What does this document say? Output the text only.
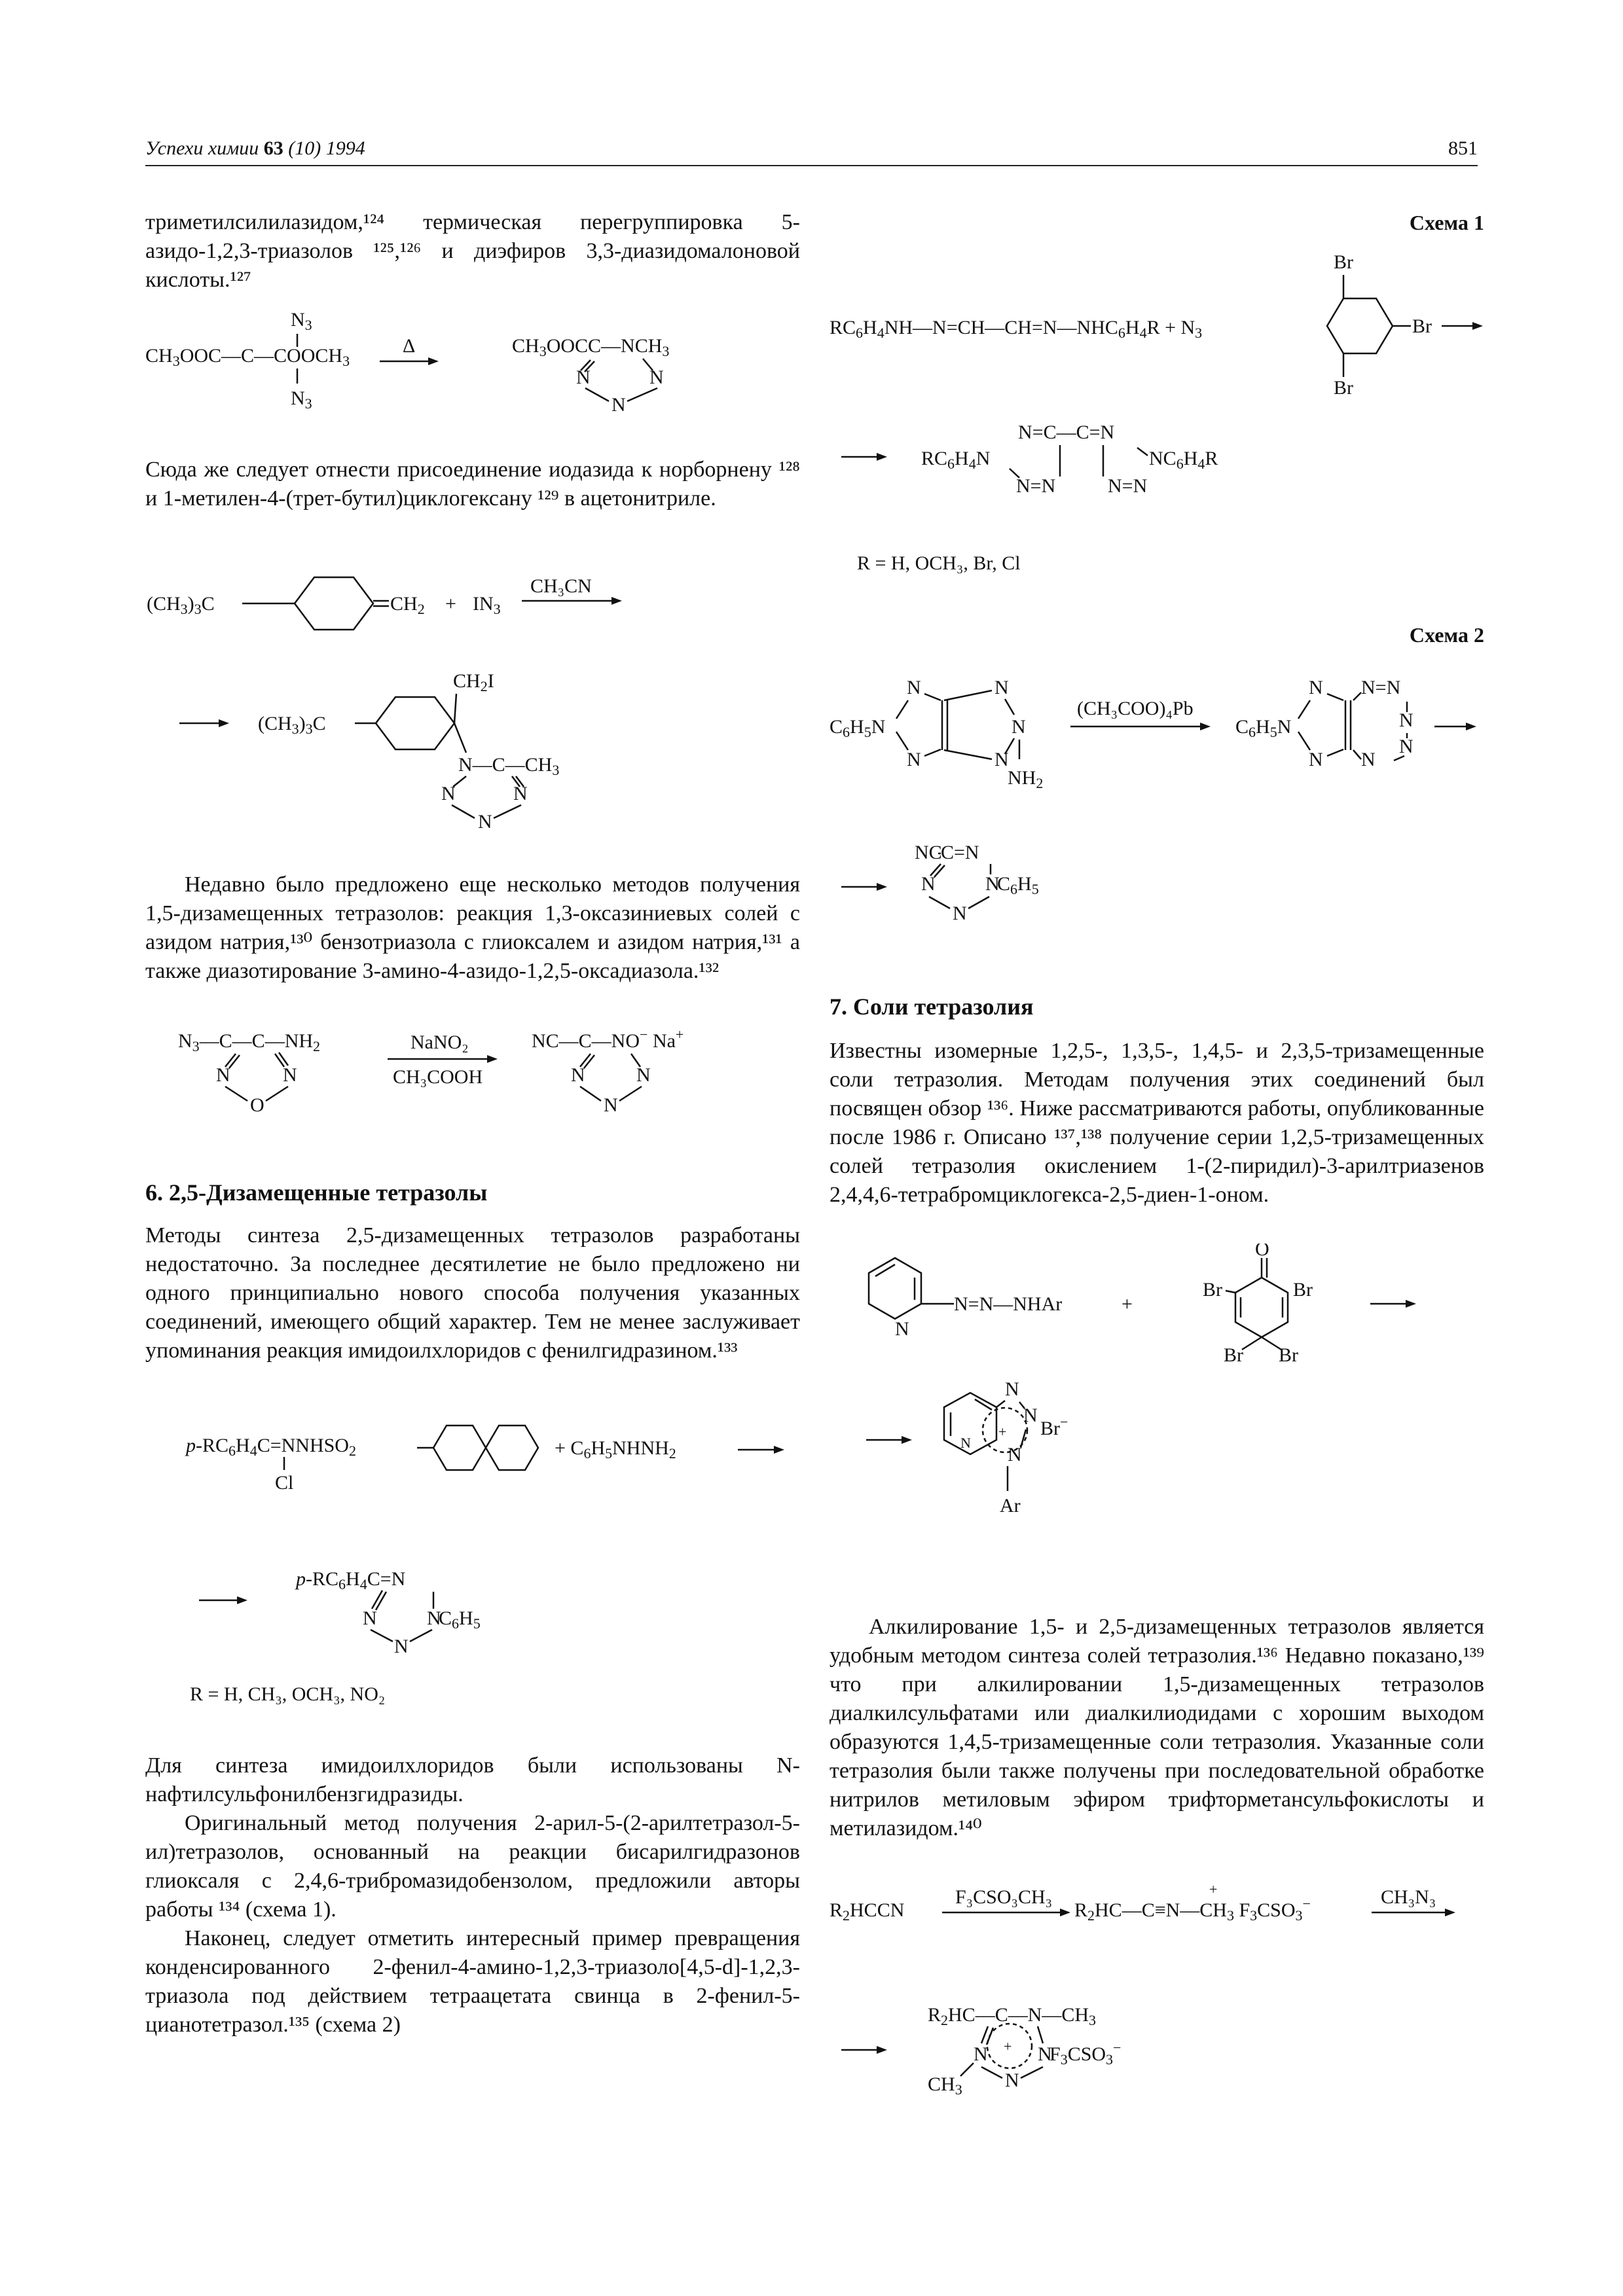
Успехи химии 63 (10) 1994	851

триметилсилилазидом,¹²⁴ термическая перегруппировка 5-азидо-1,2,3-триазолов ¹²⁵,¹²⁶ и диэфиров 3,3-диазидомалоновой кислоты.¹²⁷

$N_3$
$CH_3OOC—C—COOCH_3$
$N_3$
Δ	$CH_3OOCC—NCH_3$
N	N
N

Сюда же следует отнести присоединение иодазида к норборнену ¹²⁸ и 1-метилен-4-(трет-бутил)циклогексану ¹²⁹ в ацетонитриле.

$(CH_3)_3C$	$CH_2 + IN_3$
CH₃CN
$(CH_3)_3C$
$CH_2I$
$N—C—CH_3$
N	N
N

Недавно было предложено еще несколько методов получения 1,5-дизамещенных тетразолов: реакция 1,3-оксазиниевых солей с азидом натрия,¹³⁰ бензотриазола с глиоксалем и азидом натрия,¹³¹ а также диазотирование 3-амино-4-азидо-1,2,5-оксадиазола.¹³²

$N_3—C—C—NH_2$
N	N
O
NaNO₂
CH₃COOH
NC—C—NO− Na+
N	N
N

6. 2,5-Дизамещенные тетразолы

Методы синтеза 2,5-дизамещенных тетразолов разработаны недостаточно. За последнее десятилетие не было предложено ни одного принципиально нового способа получения указанных соединений, имеющего общий характер. Тем не менее заслуживает упоминания реакция имидоилхлоридов с фенилгидразином.¹³³

$p-RC_6H_4C=NNHSO_2$
Cl
+ $C_6H_5NHNH_2$
$p-RC_6H_4C=N$
N	N
$C_6H_5$
N
R = H, CH₃, OCH₃, NO₂

Для синтеза имидоилхлоридов были использованы N-нафтилсульфонилбензгидразиды.

Оригинальный метод получения 2-арил-5-(2-арилтетразол-5-ил)тетразолов, основанный на реакции бисарилгидразонов глиоксаля с 2,4,6-трибромазидобензолом, предложили авторы работы ¹³⁴ (схема 1).

Наконец, следует отметить интересный пример превращения конденсированного 2-фенил-4-амино-1,2,3-триазоло[4,5-d]-1,2,3-триазола под действием тетраацетата свинца в 2-фенил-5-цианотетразол.¹³⁵ (схема 2)

Схема 1
$RC_6H_4NH—N=CH—CH=N—NHC_6H_4R + N_3$
Br
Br
Br
$RC_6H_4N$
N=C—C=N
N=N	N=N
$NC_6H_4R$
R = H, OCH₃, Br, Cl
Схема 2
$C_6H_5N$
N
N
N
N
N
$NH_2$
(CH₃COO)₄Pb
$C_6H_5N$
N
N
N=N
N
N
N
NC
C=N
N	N
$C_6H_5$
N

7. Соли тетразолия

Известны изомерные 1,2,5-, 1,3,5-, 1,4,5- и 2,3,5-тризамещенные соли тетразолия. Методам получения этих соединений был посвящен обзор ¹³⁶. Ниже рассматриваются работы, опубликованные после 1986 г. Описано ¹³⁷,¹³⁸ получение серии 1,2,5-тризамещенных солей тетразолия окислением 1-(2-пиридил)-3-арилтриазенов 2,4,4,6-тетрабромциклогекса-2,5-диен-1-оном.

N
N=N—NHAr	+
O
Br	Br
Br Br
N
N
N
N
+
Ar
Br−

Алкилирование 1,5- и 2,5-дизамещенных тетразолов является удобным методом синтеза солей тетразолия.¹³⁶ Недавно показано,¹³⁹ что при алкилировании 1,5-дизамещенных тетразолов диалкилсульфатами или диалкилиодидами с хорошим выходом образуются 1,4,5-тризамещенные соли тетразолия. Указанные соли тетразолия были также получены при последовательной обработке нитрилов метиловым эфиром трифторметансульфокислоты и метилазидом.¹⁴⁰

$R_2HCCN$
F₃CSO₃CH₃
$R_2HC—C\equiv N—CH_3$ $F_3CSO_3^-$
+	CH₃N₃
$R_2HC—C—N—CH_3$
N	N
N
$F_3CSO_3^-$
+
$CH_3$
